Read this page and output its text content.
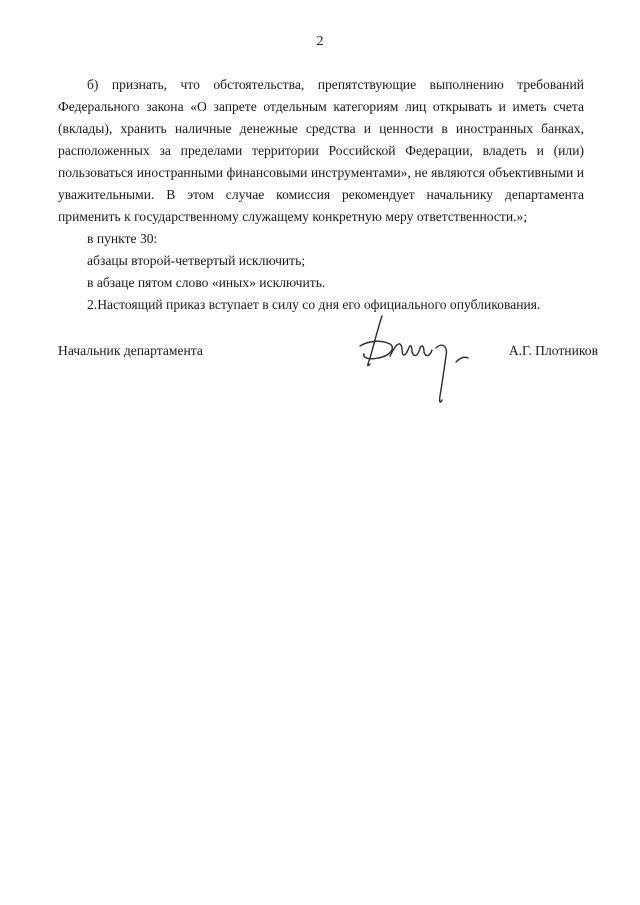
2

б) признать, что обстоятельства, препятствующие выполнению требований Федерального закона «О запрете отдельным категориям лиц открывать и иметь счета (вклады), хранить наличные денежные средства и ценности в иностранных банках, расположенных за пределами территории Российской Федерации, владеть и (или) пользоваться иностранными финансовыми инструментами», не являются объективными и уважительными. В этом случае комиссия рекомендует начальнику департамента применить к государственному служащему конкретную меру ответственности.»;

в пункте 30:

абзацы второй-четвертый исключить;

в абзаце пятом слово «иных» исключить.

2.Настоящий приказ вступает в силу со дня его официального опубликования.

Начальник департамента	А.Г. Плотников
